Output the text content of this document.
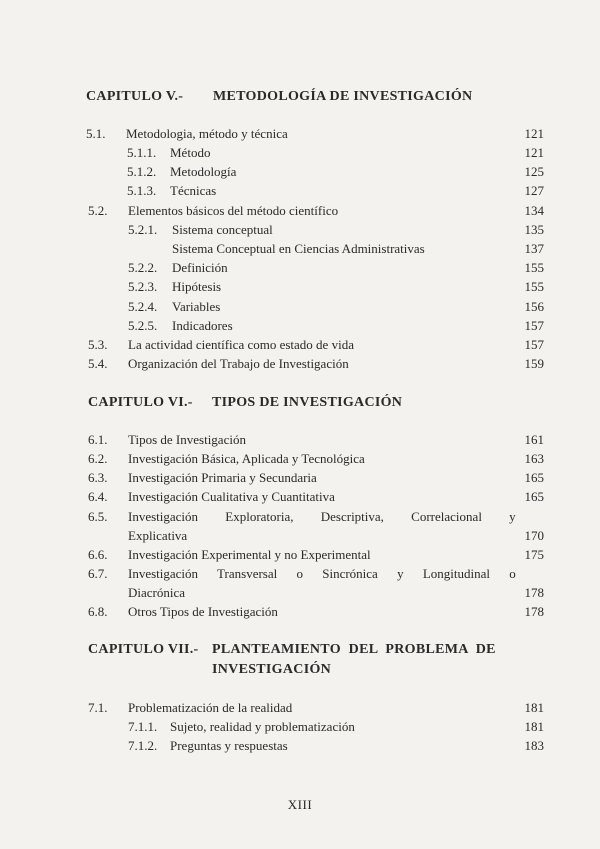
CAPITULO V.- METODOLOGÍA DE INVESTIGACIÓN
5.1. Metodologia, método y técnica	121
5.1.1. Método	121
5.1.2. Metodología	125
5.1.3. Técnicas	127
5.2. Elementos básicos del método científico	134
5.2.1. Sistema conceptual	135
Sistema Conceptual en Ciencias Administrativas	137
5.2.2. Definición	155
5.2.3. Hipótesis	155
5.2.4. Variables	156
5.2.5. Indicadores	157
5.3. La actividad científica como estado de vida	157
5.4. Organización del Trabajo de Investigación	159
CAPITULO VI.- TIPOS DE INVESTIGACIÓN
6.1. Tipos de Investigación	161
6.2. Investigación Básica, Aplicada y Tecnológica	163
6.3. Investigación Primaria y Secundaria	165
6.4. Investigación Cualitativa y Cuantitativa	165
6.5. Investigación Exploratoria, Descriptiva, Correlacional y
Explicativa	170
6.6. Investigación Experimental y no Experimental	175
6.7. Investigación Transversal o Sincrónica y Longitudinal o
Diacrónica	178
6.8. Otros Tipos de Investigación	178
CAPITULO VII.- PLANTEAMIENTO DEL PROBLEMA DE
INVESTIGACIÓN
7.1. Problematización de la realidad	181
7.1.1. Sujeto, realidad y problematización	181
7.1.2. Preguntas y respuestas	183
XIII
